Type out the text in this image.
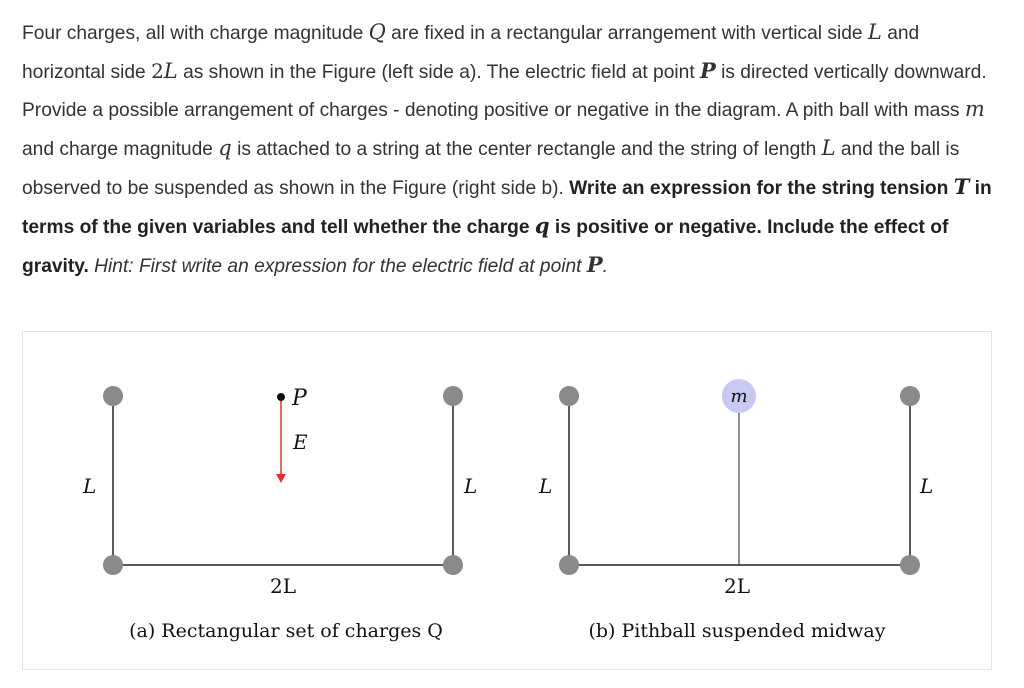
Four charges, all with charge magnitude Q are fixed in a rectangular arrangement with vertical side L and horizontal side 2L as shown in the Figure (left side a). The electric field at point P is directed vertically downward. Provide a possible arrangement of charges - denoting positive or negative in the diagram. A pith ball with mass m and charge magnitude q is attached to a string at the center rectangle and the string of length L and the ball is observed to be suspended as shown in the Figure (right side b). Write an expression for the string tension T in terms of the given variables and tell whether the charge q is positive or negative. Include the effect of gravity. Hint: First write an expression for the electric field at point P.

P
E
L	L
2L
(a) Rectangular set of charges Q
m
L	L
2L
(b) Pithball suspended midway
